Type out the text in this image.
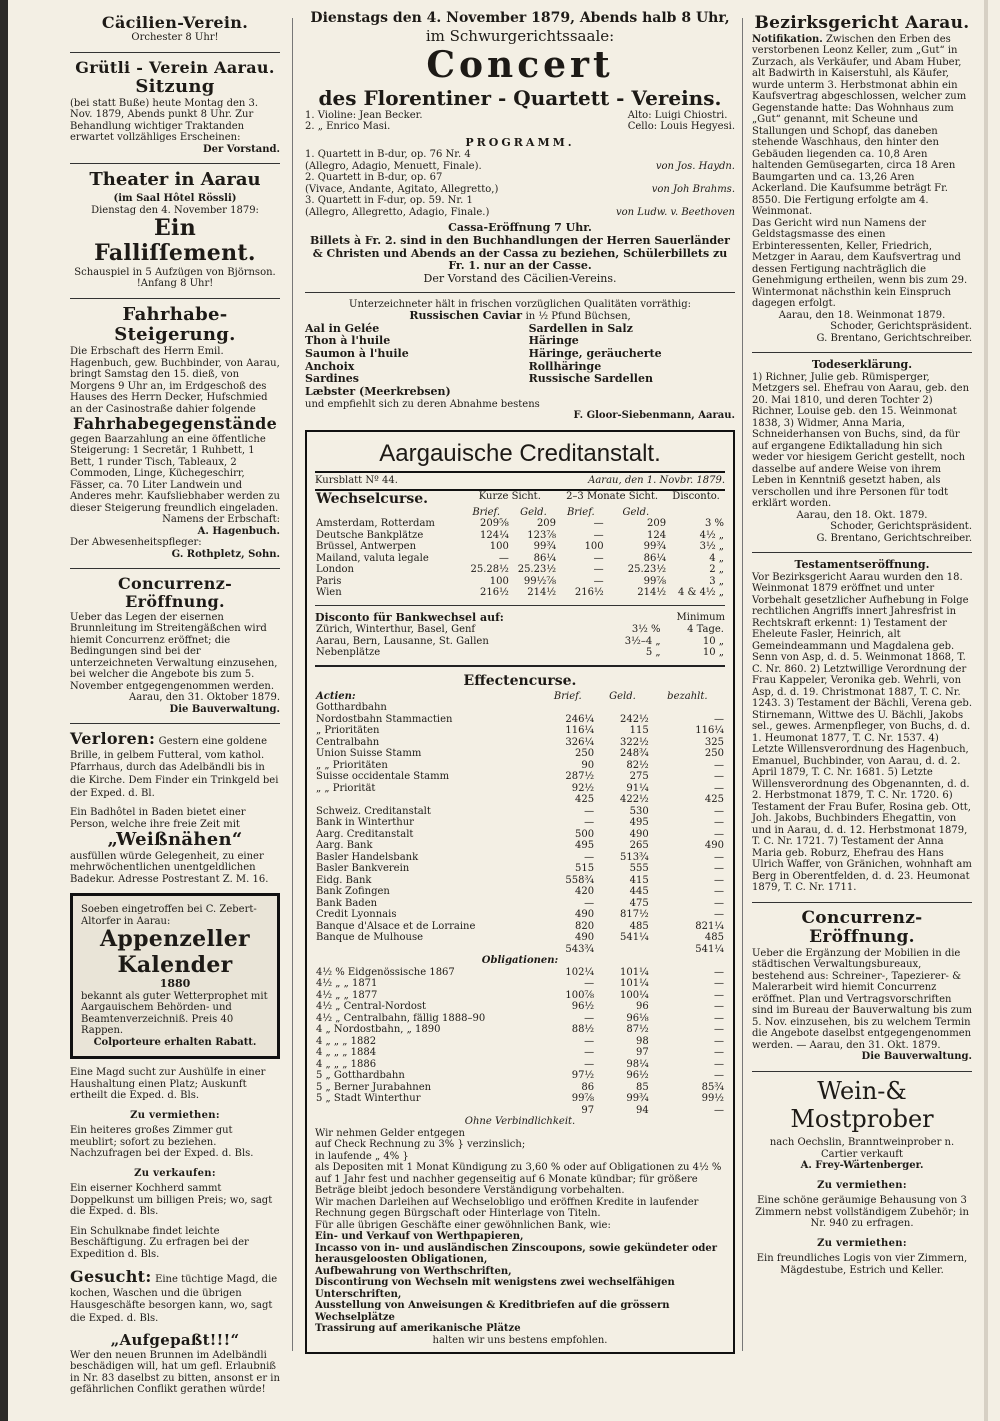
Cäcilien-Verein.
Orchester 8 Uhr!
Grütli - Verein Aarau.
Sitzung
(bei statt Buße) heute Montag den 3. Nov. 1879, Abends punkt 8 Uhr. Zur Behandlung wichtiger Traktanden erwartet vollzähliges Erscheinen:
Der Vorstand.
Theater in Aarau
(im Saal Hôtel Rössli)
Dienstag den 4. November 1879:
Ein Falliſſement.
Schauspiel in 5 Aufzügen von Björnson.
!Anfang 8 Uhr!
Fahrhabe-Steigerung.
Die Erbschaft des Herrn Emil. Hagenbuch, gew. Buchbinder, von Aarau, bringt Samstag den 15. dieß, von Morgens 9 Uhr an, im Erdgeschoß des Hauses des Herrn Decker, Hufschmied an der Casinostraße dahier folgende
Fahrhabegegenstände
gegen Baarzahlung an eine öffentliche Steigerung: 1 Secretär, 1 Ruhbett, 1 Bett, 1 runder Tisch, Tableaux, 2 Commoden, Linge, Küchegeschirr, Fässer, ca. 70 Liter Landwein und Anderes mehr. Kaufsliebhaber werden zu dieser Steigerung freundlich eingeladen.
Namens der Erbschaft:
A. Hagenbuch.
Der Abwesenheitspfleger:
G. Rothpletz, Sohn.
Concurrenz-Eröffnung.
Ueber das Legen der eisernen Brunnleitung im Streitengäßchen wird hiemit Concurrenz eröffnet; die Bedingungen sind bei der unterzeichneten Verwaltung einzusehen, bei welcher die Angebote bis zum 5. November entgegengenommen werden.
Aarau, den 31. Oktober 1879.
Die Bauverwaltung.
Verloren: Gestern eine goldene Brille, in gelbem Futteral, vom kathol. Pfarrhaus, durch das Adelbändli bis in die Kirche. Dem Finder ein Trinkgeld bei der Exped. d. Bl.
Ein Badhôtel in Baden bietet einer Person, welche ihre freie Zeit mit
„Weißnähen“
ausfüllen würde Gelegenheit, zu einer mehrwöchentlichen unentgeldlichen Badekur. Adresse Postrestant Z. M. 16.
Soeben eingetroffen bei C. Zebert-Altorfer in Aarau:
Appenzeller Kalender
1880
bekannt als guter Wetterprophet mit Aargauischem Behörden- und Beamtenverzeichniß. Preis 40 Rappen.
Colporteure erhalten Rabatt.
Eine Magd sucht zur Aushülfe in einer Haushaltung einen Platz; Auskunft ertheilt die Exped. d. Bls.
Zu vermiethen:
Ein heiteres großes Zimmer gut meublirt; sofort zu beziehen. Nachzufragen bei der Exped. d. Bls.
Zu verkaufen:
Ein eiserner Kochherd sammt Doppelkunst um billigen Preis; wo, sagt die Exped. d. Bls.
Ein Schulknabe findet leichte Beschäftigung. Zu erfragen bei der Expedition d. Bls.
Gesucht: Eine tüchtige Magd, die kochen, Waschen und die übrigen Hausgeschäfte besorgen kann, wo, sagt die Exped. d. Bls.
„Aufgepaßt!!!“
Wer den neuen Brunnen im Adelbändli beschädigen will, hat um gefl. Erlaubniß in Nr. 83 daselbst zu bitten, ansonst er in gefährlichen Conflikt gerathen würde!
Dienstags den 4. November 1879, Abends halb 8 Uhr,
im Schwurgerichtssaale:
Concert
des Florentiner - Quartett - Vereins.
1. Violine: Jean Becker.
2. „ Enrico Masi.
Alto: Luigi Chiostri.
Cello: Louis Hegyesi.
PROGRAMM.
1. Quartett in B-dur, op. 76 Nr. 4
(Allegro, Adagio, Menuett, Finale).	von Jos. Haydn.
2. Quartett in B-dur, op. 67
(Vivace, Andante, Agitato, Allegretto,)	von Joh Brahms.
3. Quartett in F-dur, op. 59. Nr. 1
(Allegro, Allegretto, Adagio, Finale.)	von Ludw. v. Beethoven
Cassa-Eröffnung 7 Uhr.
Billets à Fr. 2. sind in den Buchhandlungen der Herren Sauerländer & Christen und Abends an der Cassa zu beziehen, Schülerbillets zu Fr. 1. nur an der Casse.
Der Vorstand des Cäcilien-Vereins.
Unterzeichneter hält in frischen vorzüglichen Qualitäten vorräthig:
Russischen Caviar in ½ Pfund Büchsen,
Aal in Gelée
Thon à l'huile
Saumon à l'huile
Anchoix
Sardines
Læbster (Meerkrebsen)
Sardellen in Salz
Häringe
Häringe, geräucherte
Rollhäringe
Russische Sardellen
und empfiehlt sich zu deren Abnahme bestens
F. Gloor-Siebenmann, Aarau.
Aargauische Creditanstalt.
Kursblatt Nº 44.	Aarau, den 1. Novbr. 1879.
Wechselcurse.	Kurze Sicht.		2–3 Monate Sicht.		Disconto.
	Brief.	Geld.	Brief.	Geld.	
Amsterdam, Rotterdam	209⅝	209	—	209	3 %
Deutsche Bankplätze	124¼	123⅞	—	124	4½ „
Brüssel, Antwerpen	100	99¾	100	99¾	3½ „
Mailand, valuta legale	—	86¼	—	86¼	4 „
London	25.28½	25.23½	—	25.23½	2 „
Paris	100	99½⅞	—	99⅞	3 „
Wien	216½	214½	216½	214½	4 & 4½ „
Disconto für Bankwechsel auf:	Minimum
Zürich, Winterthur, Basel, Genf	3½ %	4 Tage.
Aarau, Bern, Lausanne, St. Gallen	3½–4 „	10 „
Nebenplätze	5 „	10 „
Effectencurse.
Actien:	Brief.	Geld.	bezahlt.
Gotthardbahn			
Nordostbahn Stammactien	246¼	242½	—
„ Prioritäten	116¼	115	116¼
Centralbahn	326¼	322½	325
Union Suisse Stamm	250	248¾	250
„ „ Prioritäten	90	82½	—
Suisse occidentale Stamm	287½	275	—
„ „ Priorität	92½	91¼	—
	425	422½	425
Schweiz. Creditanstalt	—	530	—
Bank in Winterthur	—	495	—
Aarg. Creditanstalt	500	490	—
Aarg. Bank	495	265	490
Basler Handelsbank	—	513¾	—
Basler Bankverein	515	555	—
Eidg. Bank	558¾	415	—
Bank Zofingen	420	445	—
Bank Baden	—	475	—
Credit Lyonnais	490	817½	—
Banque d'Alsace et de Lorraine	820	485	821¼
Banque de Mulhouse	490	541¼	485
	543¾		541¼
Obligationen:			
4½ % Eidgenössische 1867	102¼	101¼	—
4½ „ „ 1871	—	101¼	—
4½ „ „ 1877	100⅞	100¼	—
4½ „ Central-Nordost	96½	96	—
4½ „ Centralbahn, fällig 1888–90	—	96⅛	—
4 „ Nordostbahn, „ 1890	88½	87½	—
4 „ „ „ 1882	—	98	—
4 „ „ „ 1884	—	97	—
4 „ „ „ 1886	—	98¼	—
5 „ Gotthardbahn	97½	96½	—
5 „ Berner Jurabahnen	86	85	85¾
5 „ Stadt Winterthur	99⅞	99¾	99½
	97	94	—
Ohne Verbindlichkeit.
Wir nehmen Gelder entgegen
auf Check Rechnung zu 3% } verzinslich;
in laufende „ 4% }
als Depositen mit 1 Monat Kündigung zu 3,60 % oder auf Obligationen zu 4½ % auf 1 Jahr fest und nachher gegenseitig auf 6 Monate kündbar; für größere Beträge bleibt jedoch besondere Verständigung vorbehalten.
Wir machen Darleihen auf Wechselobligo und eröffnen Kredite in laufender Rechnung gegen Bürgschaft oder Hinterlage von Titeln.
Für alle übrigen Geschäfte einer gewöhnlichen Bank, wie:
Ein- und Verkauf von Werthpapieren,
Incasso von in- und ausländischen Zinscoupons, sowie gekündeter oder herausgeloosten Obligationen,
Aufbewahrung von Werthschriften,
Discontirung von Wechseln mit wenigstens zwei wechselfähigen Unterschriften,
Ausstellung von Anweisungen & Kreditbriefen auf die grössern Wechselplätze
Trassirung auf amerikanische Plätze
halten wir uns bestens empfohlen.
Bezirksgericht Aarau.
Notifikation. Zwischen den Erben des verstorbenen Leonz Keller, zum „Gut“ in Zurzach, als Verkäufer, und Abam Huber, alt Badwirth in Kaiserstuhl, als Käufer, wurde unterm 3. Herbstmonat abhin ein Kaufsvertrag abgeschlossen, welcher zum Gegenstande hatte: Das Wohnhaus zum „Gut“ genannt, mit Scheune und Stallungen und Schopf, das daneben stehende Waschhaus, den hinter den Gebäuden liegenden ca. 10,8 Aren haltenden Gemüsegarten, circa 18 Aren Baumgarten und ca. 13,26 Aren Ackerland. Die Kaufsumme beträgt Fr. 8550. Die Fertigung erfolgte am 4. Weinmonat.
Das Gericht wird nun Namens der Geldstagsmasse des einen Erbinteressenten, Keller, Friedrich, Metzger in Aarau, dem Kaufsvertrag und dessen Fertigung nachträglich die Genehmigung ertheilen, wenn bis zum 29. Wintermonat nächsthin kein Einspruch dagegen erfolgt.
Aarau, den 18. Weinmonat 1879.
Schoder, Gerichtspräsident.
G. Brentano, Gerichtschreiber.
Todeserklärung.
1) Richner, Julie geb. Rümisperger, Metzgers sel. Ehefrau von Aarau, geb. den 20. Mai 1810, und deren Tochter 2) Richner, Louise geb. den 15. Weinmonat 1838, 3) Widmer, Anna Maria, Schneiderhansen von Buchs, sind, da für auf ergangene Ediktalladung hin sich weder vor hiesigem Gericht gestellt, noch dasselbe auf andere Weise von ihrem Leben in Kenntniß gesetzt haben, als verschollen und ihre Personen für todt erklärt worden.
Aarau, den 18. Okt. 1879.
Schoder, Gerichtspräsident.
G. Brentano, Gerichtschreiber.
Testamentseröffnung.
Vor Bezirksgericht Aarau wurden den 18. Weinmonat 1879 eröffnet und unter Vorbehalt gesetzlicher Aufhebung in Folge rechtlichen Angriffs innert Jahresfrist in Rechtskraft erkennt: 1) Testament der Eheleute Fasler, Heinrich, alt Gemeindeammann und Magdalena geb. Senn von Asp, d. d. 5. Weinmonat 1868, T. C. Nr. 860. 2) Letztwillige Verordnung der Frau Kappeler, Veronika geb. Wehrli, von Asp, d. d. 19. Christmonat 1887, T. C. Nr. 1243. 3) Testament der Bächli, Verena geb. Stirnemann, Wittwe des U. Bächli, Jakobs sel., gewes. Armenpfleger, von Buchs, d. d. 1. Heumonat 1877, T. C. Nr. 1537. 4) Letzte Willensverordnung des Hagenbuch, Emanuel, Buchbinder, von Aarau, d. d. 2. April 1879, T. C. Nr. 1681. 5) Letzte Willensverordnung des Obgenannten, d. d. 2. Herbstmonat 1879, T. C. Nr. 1720. 6) Testament der Frau Bufer, Rosina geb. Ott, Joh. Jakobs, Buchbinders Ehegattin, von und in Aarau, d. d. 12. Herbstmonat 1879, T. C. Nr. 1721. 7) Testament der Anna Maria geb. Roburz, Ehefrau des Hans Ulrich Waffer, von Gränichen, wohnhaft am Berg in Oberentfelden, d. d. 23. Heumonat 1879, T. C. Nr. 1711.
Concurrenz-Eröffnung.
Ueber die Ergänzung der Mobilien in die städtischen Verwaltungsbureaux, bestehend aus: Schreiner-, Tapezierer- & Malerarbeit wird hiemit Concurrenz eröffnet. Plan und Vertragsvorschriften sind im Bureau der Bauverwaltung bis zum 5. Nov. einzusehen, bis zu welchem Termin die Angebote daselbst entgegengenommen werden. — Aarau, den 31. Okt. 1879.
Die Bauverwaltung.
Wein-& Mostprober
nach Oechslin, Branntweinprober n. Cartier verkauft
A. Frey-Wärtenberger.
Zu vermiethen:
Eine schöne geräumige Behausung von 3 Zimmern nebst vollständigem Zubehör; in Nr. 940 zu erfragen.
Zu vermiethen:
Ein freundliches Logis von vier Zimmern, Mägdestube, Estrich und Keller.
